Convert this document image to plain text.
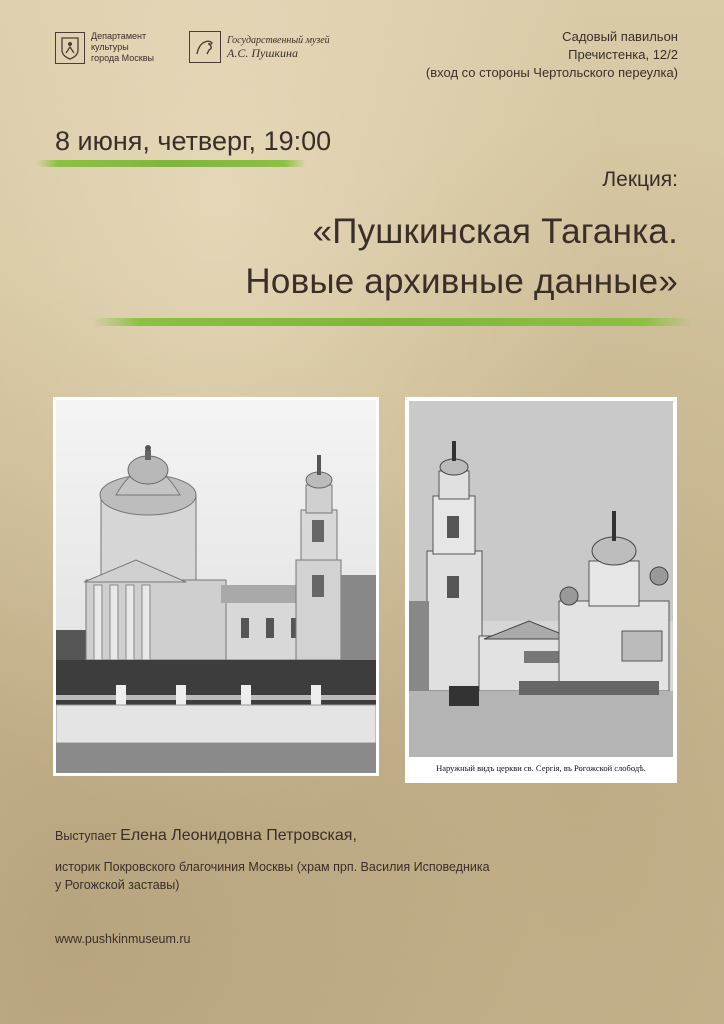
Департамент
культуры
города Москвы
Государственный музей
А.С. Пушкина
Садовый павильон
Пречистенка, 12/2
(вход со стороны Чертольского переулка)
8 июня, четверг, 19:00
Лекция:
«Пушкинская Таганка.
Новые архивные данные»
Наружный видъ церкви св. Сергія, въ Рогожской слободѣ.
Выступает Елена Леонидовна Петровская,
историк Покровского благочиния Москвы (храм прп. Василия Исповедника
у Рогожской заставы)
www.pushkinmuseum.ru
